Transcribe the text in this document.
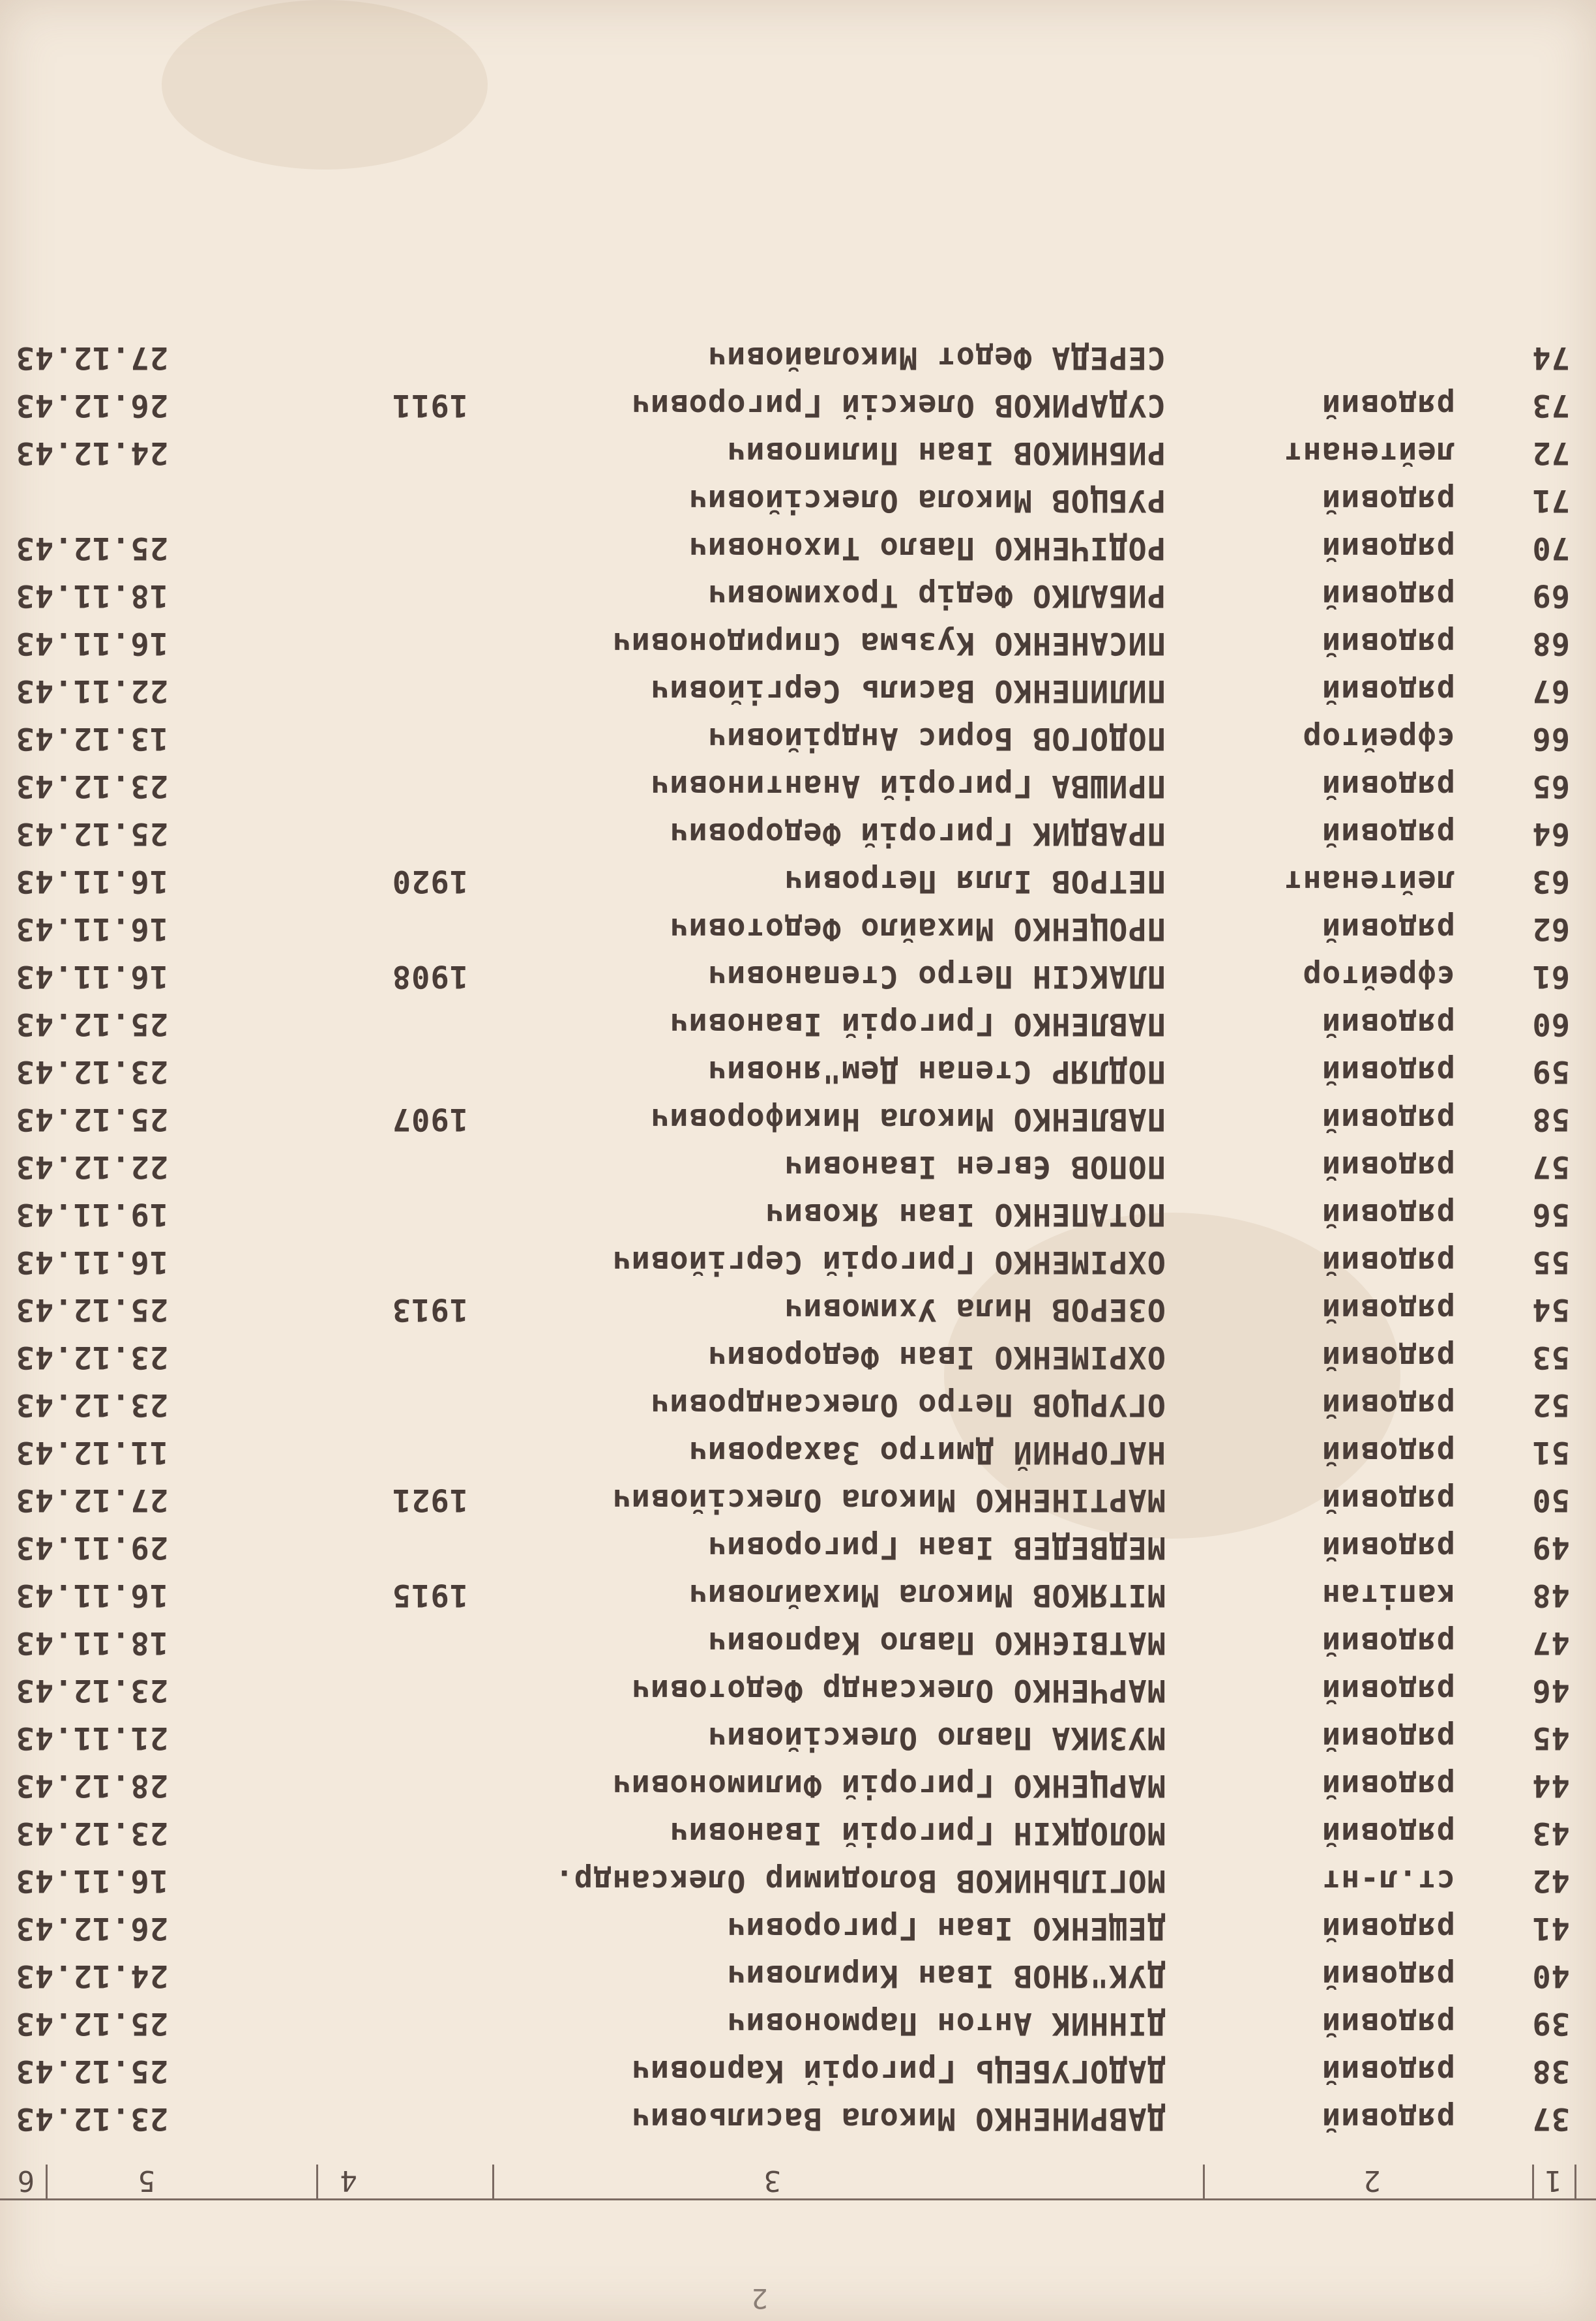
2
1
2
3
4
5
6
37
рядовий
ДАВРИНЕНКО Микола Васильович
23.12.43
38
рядовий
ДАДОГУБЕЦЬ Григорій Карпович
25.12.43
39
рядовий
ДІННИК Антон Пармонович
25.12.43
40
рядовий
ДУК"ЯНОВ Іван Кирилович
24.12.43
41
рядовий
ДЕЩЕНКО Іван Григорович
26.12.43
42
ст.л-нт
МОГІЛЬНИКОВ Володимир Олександр.
16.11.43
43
рядовий
МОЛОДКІН Григорій Іванович
23.12.43
44
рядовий
МАРЦЕНКО Григорій Филимонович
28.12.43
45
рядовий
МУЗИКА Павло Олексійович
21.11.43
46
рядовий
МАРЧЕНКО Олександр Федотович
23.12.43
47
рядовий
МАТВІЄНКО Павло Карпович
18.11.43
48
капітан
МІТЯКОВ Микола Михайлович
1915
16.11.43
49
рядовий
МЕДВЕДЕВ Іван Григорович
29.11.43
50
рядовий
МАРТІНЕНКО Микола Олексійович
1921
27.12.43
51
рядовий
НАГОРНИЙ Дмитро Захарович
11.12.43
52
рядовий
ОГУРЦОВ Петро Олександрович
23.12.43
53
рядовий
ОХРІМЕНКО Іван Федорович
23.12.43
54
рядовий
ОЗЕРОВ Нила Ухимович
1913
25.12.43
55
рядовий
ОХРІМЕНКО Григорій Сергійович
16.11.43
56
рядовий
ПОТАПЕНКО Іван Якович
19.11.43
57
рядовий
ПОПОВ Євген Іванович
22.12.43
58
рядовий
ПАВЛЕНКО Микола Никифорович
1907
25.12.43
59
рядовий
ПОДЛЯР Степан Дем"янович
23.12.43
60
рядовий
ПАВЛЕНКО Григорій Іванович
25.12.43
61
єфрейтор
ПЛАКСІН Петро Степанович
1908
16.11.43
62
рядовий
ПРОЦЕНКО Михайло Федотович
16.11.43
63
лейтенант
ПЕТРОВ Ілля Петрович
1920
16.11.43
64
рядовий
ПРАВДИК Григорій Федорович
25.12.43
65
рядовий
ПРИШВА Григорій Анантинович
23.12.43
66
єфрейтор
ПОДОГОВ Борис Андрійович
13.12.43
67
рядовий
ПИЛИПЕНКО Василь Сергійович
22.11.43
68
рядовий
ПИСАНЕНКО Кузьма Спиридонович
16.11.43
69
рядовий
РИБАЛКО Федір Трохимович
18.11.43
70
рядовий
РОДІЧЕНКО Павло Тихонович
25.12.43
71
рядовий
РУБЦОВ Микола Олексійович
72
лейтенант
РИБНИКОВ Іван Пилипович
24.12.43
73
рядовий
СУДАРИКОВ Олексій Григорович
1911
26.12.43
74
СЕРЕДА Федот Миколайович
27.12.43
